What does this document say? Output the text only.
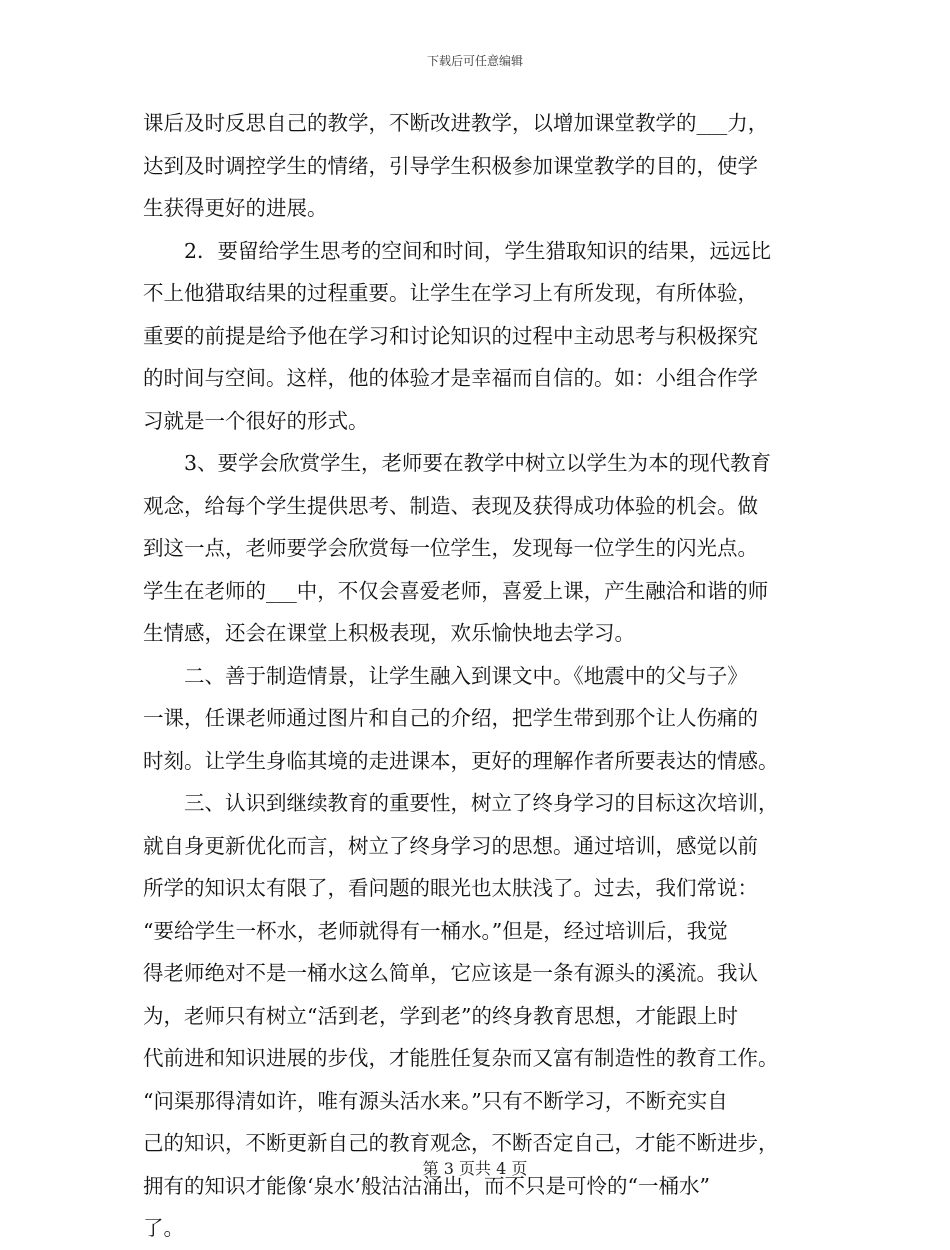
下载后可任意编辑
课后及时反思自己的教学，不断改进教学，以增加课堂教学的___力，
达到及时调控学生的情绪，引导学生积极参加课堂教学的目的，使学
生获得更好的进展。
2．要留给学生思考的空间和时间，学生猎取知识的结果，远远比
不上他猎取结果的过程重要。让学生在学习上有所发现，有所体验，
重要的前提是给予他在学习和讨论知识的过程中主动思考与积极探究
的时间与空间。这样，他的体验才是幸福而自信的。如：小组合作学
习就是一个很好的形式。
3、要学会欣赏学生，老师要在教学中树立以学生为本的现代教育
观念，给每个学生提供思考、制造、表现及获得成功体验的机会。做
到这一点，老师要学会欣赏每一位学生，发现每一位学生的闪光点。
学生在老师的___中，不仅会喜爱老师，喜爱上课，产生融洽和谐的师
生情感，还会在课堂上积极表现，欢乐愉快地去学习。
二、善于制造情景，让学生融入到课文中。《地震中的父与子》
一课，任课老师通过图片和自己的介绍，把学生带到那个让人伤痛的
时刻。让学生身临其境的走进课本，更好的理解作者所要表达的情感。
三、认识到继续教育的重要性，树立了终身学习的目标这次培训，
就自身更新优化而言，树立了终身学习的思想。通过培训，感觉以前
所学的知识太有限了，看问题的眼光也太肤浅了。过去，我们常说：
“要给学生一杯水，老师就得有一桶水。”但是，经过培训后，我觉
得老师绝对不是一桶水这么简单，它应该是一条有源头的溪流。我认
为，老师只有树立“活到老，学到老”的终身教育思想，才能跟上时
代前进和知识进展的步伐，才能胜任复杂而又富有制造性的教育工作。
“问渠那得清如许，唯有源头活水来。”只有不断学习，不断充实自
己的知识，不断更新自己的教育观念，不断否定自己，才能不断进步，
拥有的知识才能像‘泉水’般沽沽涌出，而不只是可怜的“一桶水”
了。
第 3 页共 4 页
